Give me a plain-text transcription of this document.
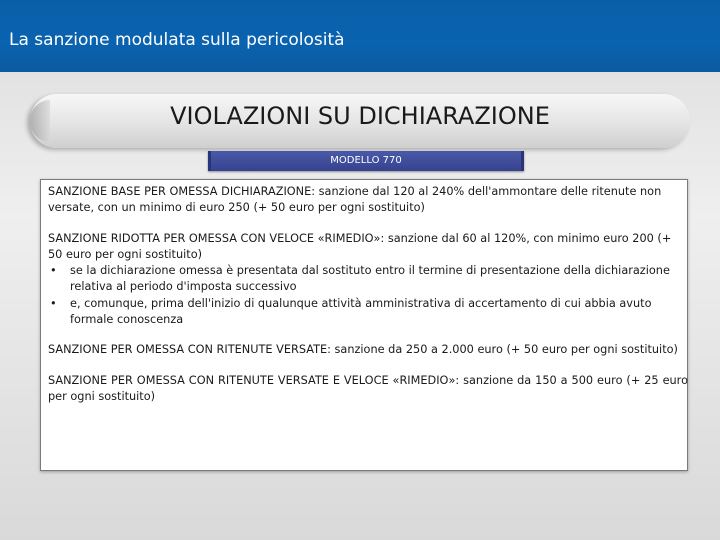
La sanzione modulata sulla pericolosità
VIOLAZIONI SU DICHIARAZIONE
MODELLO 770

SANZIONE BASE PER OMESSA DICHIARAZIONE: sanzione dal 120 al 240% dell'ammontare delle ritenute non versate, con un minimo di euro 250 (+ 50 euro per ogni sostituito)

SANZIONE RIDOTTA PER OMESSA CON VELOCE «RIMEDIO»: sanzione dal 60 al 120%, con minimo euro 200 (+ 50 euro per ogni sostituito)
• se la dichiarazione omessa è presentata dal sostituto entro il termine di presentazione della dichiarazione relativa al periodo d'imposta successivo
• e, comunque, prima dell'inizio di qualunque attività amministrativa di accertamento di cui abbia avuto formale conoscenza

SANZIONE PER OMESSA CON RITENUTE VERSATE: sanzione da 250 a 2.000 euro (+ 50 euro per ogni sostituito)

SANZIONE PER OMESSA CON RITENUTE VERSATE E VELOCE «RIMEDIO»: sanzione da 150 a 500 euro (+ 25 euro per ogni sostituito)
